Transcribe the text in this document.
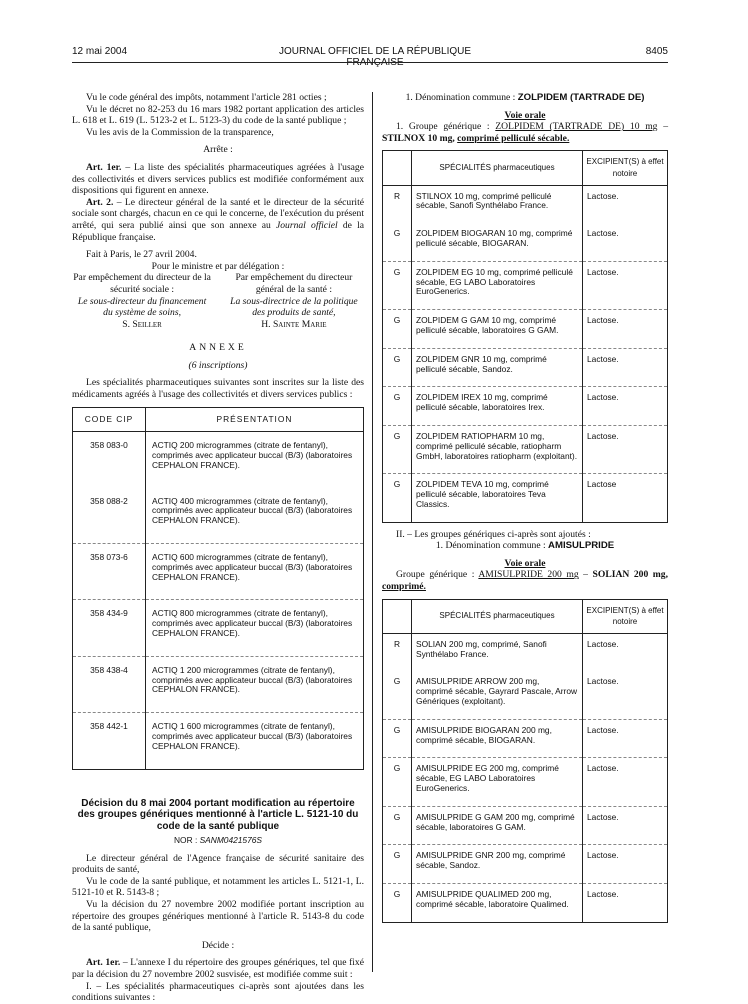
12 mai 2004	JOURNAL OFFICIEL DE LA RÉPUBLIQUE	8405

Vu le code général des impôts, notamment l'article 281 octies ;

Vu le décret no 82-253 du 16 mars 1982 portant application des articles L. 618 et L. 619 (L. 5123-2 et L. 5123-3) du code de la santé publique ;

Vu les avis de la Commission de la transparence,

Arrête :

Art. 1er. – La liste des spécialités pharmaceutiques agréées à l'usage des collectivités et divers services publics est modifiée conformément aux dispositions qui figurent en annexe.

Art. 2. – Le directeur général de la santé et le directeur de la sécurité sociale sont chargés, chacun en ce qui le concerne, de l'exécution du présent arrêté, qui sera publié ainsi que son annexe au Journal officiel de la République française.

Fait à Paris, le 27 avril 2004.

Pour le ministre et par délégation :

Par empêchement du directeur de la sécurité sociale :
Le sous-directeur du financement du système de soins,
S. Seiller
Par empêchement du directeur général de la santé :
La sous-directrice de la politique des produits de santé,
H. Sainte Marie

ANNEXE

(6 inscriptions)

Les spécialités pharmaceutiques suivantes sont inscrites sur la liste des médicaments agréés à l'usage des collectivités et divers services publics :

CODE CIP	PRÉSENTATION
358 083-0	ACTIQ 200 microgrammes (citrate de fentanyl), comprimés avec applicateur buccal (B/3) (laboratoires CEPHALON FRANCE).
358 088-2	ACTIQ 400 microgrammes (citrate de fentanyl), comprimés avec applicateur buccal (B/3) (laboratoires CEPHALON FRANCE).
358 073-6	ACTIQ 600 microgrammes (citrate de fentanyl), comprimés avec applicateur buccal (B/3) (laboratoires CEPHALON FRANCE).
358 434-9	ACTIQ 800 microgrammes (citrate de fentanyl), comprimés avec applicateur buccal (B/3) (laboratoires CEPHALON FRANCE).
358 438-4	ACTIQ 1 200 microgrammes (citrate de fentanyl), comprimés avec applicateur buccal (B/3) (laboratoires CEPHALON FRANCE).
358 442-1	ACTIQ 1 600 microgrammes (citrate de fentanyl), comprimés avec applicateur buccal (B/3) (laboratoires CEPHALON FRANCE).
Décision du 8 mai 2004 portant modification au répertoire des groupes génériques mentionné à l'article L. 5121-10 du code de la santé publique
NOR : SANM0421576S

Le directeur général de l'Agence française de sécurité sanitaire des produits de santé,

Vu le code de la santé publique, et notamment les articles L. 5121-1, L. 5121-10 et R. 5143-8 ;

Vu la décision du 27 novembre 2002 modifiée portant inscription au répertoire des groupes génériques mentionné à l'article R. 5143-8 du code de la santé publique,

Décide :

Art. 1er. – L'annexe I du répertoire des groupes génériques, tel que fixé par la décision du 27 novembre 2002 susvisée, est modifiée comme suit :

I. – Les spécialités pharmaceutiques ci-après sont ajoutées dans les conditions suivantes :

1. Dénomination commune : ZOLPIDEM (TARTRADE DE)

Voie orale

1. Groupe générique : ZOLPIDEM (TARTRADE DE) 10 mg – STILNOX 10 mg, comprimé pelliculé sécable.

	SPÉCIALITÉS pharmaceutiques	EXCIPIENT(S) à effet notoire
R	STILNOX 10 mg, comprimé pelliculé sécable, Sanofi Synthélabo France.	Lactose.
G	ZOLPIDEM BIOGARAN 10 mg, comprimé pelliculé sécable, BIOGARAN.	Lactose.
G	ZOLPIDEM EG 10 mg, comprimé pelliculé sécable, EG LABO Laboratoires EuroGenerics.	Lactose.
G	ZOLPIDEM G GAM 10 mg, comprimé pelliculé sécable, laboratoires G GAM.	Lactose.
G	ZOLPIDEM GNR 10 mg, comprimé pelliculé sécable, Sandoz.	Lactose.
G	ZOLPIDEM IREX 10 mg, comprimé pelliculé sécable, laboratoires Irex.	Lactose.
G	ZOLPIDEM RATIOPHARM 10 mg, comprimé pelliculé sécable, ratiopharm GmbH, laboratoires ratiopharm (exploitant).	Lactose.
G	ZOLPIDEM TEVA 10 mg, comprimé pelliculé sécable, laboratoires Teva Classics.	Lactose

II. – Les groupes génériques ci-après sont ajoutés :

1. Dénomination commune : AMISULPRIDE

Voie orale

Groupe générique : AMISULPRIDE 200 mg – SOLIAN 200 mg, comprimé.

	SPÉCIALITÉS pharmaceutiques	EXCIPIENT(S) à effet notoire
R	SOLIAN 200 mg, comprimé, Sanofi Synthélabo France.	Lactose.
G	AMISULPRIDE ARROW 200 mg, comprimé sécable, Gayrard Pascale, Arrow Génériques (exploitant).	Lactose.
G	AMISULPRIDE BIOGARAN 200 mg, comprimé sécable, BIOGARAN.	Lactose.
G	AMISULPRIDE EG 200 mg, comprimé sécable, EG LABO Laboratoires EuroGenerics.	Lactose.
G	AMISULPRIDE G GAM 200 mg, comprimé sécable, laboratoires G GAM.	Lactose.
G	AMISULPRIDE GNR 200 mg, comprimé sécable, Sandoz.	Lactose.
G	AMISULPRIDE QUALIMED 200 mg, comprimé sécable, laboratoire Qualimed.	Lactose.
